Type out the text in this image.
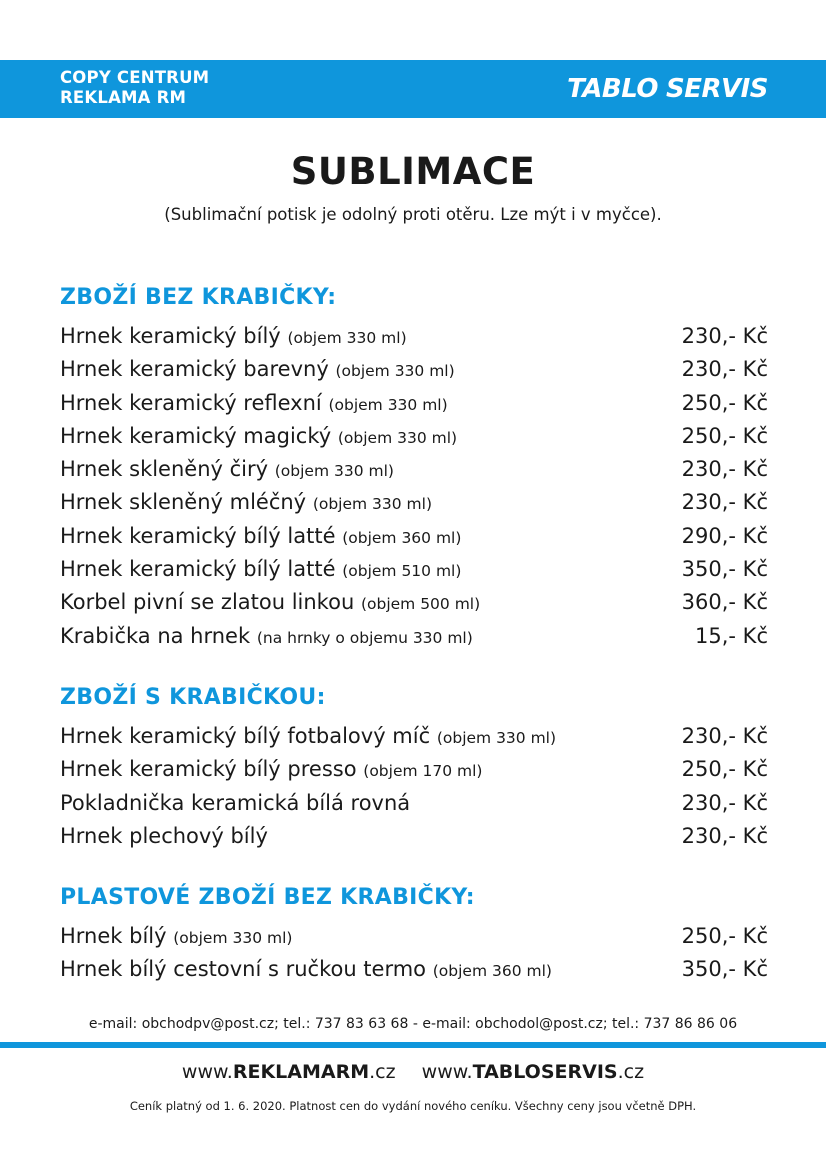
COPY CENTRUM
REKLAMA RM	TABLO SERVIS
SUBLIMACE
(Sublimační potisk je odolný proti otěru. Lze mýt i v myčce).
ZBOŽÍ BEZ KRABIČKY:
Hrnek keramický bílý (objem 330 ml)	230,- Kč
Hrnek keramický barevný (objem 330 ml)	230,- Kč
Hrnek keramický reflexní (objem 330 ml)	250,- Kč
Hrnek keramický magický (objem 330 ml)	250,- Kč
Hrnek skleněný čirý (objem 330 ml)	230,- Kč
Hrnek skleněný mléčný (objem 330 ml)	230,- Kč
Hrnek keramický bílý latté (objem 360 ml)	290,- Kč
Hrnek keramický bílý latté (objem 510 ml)	350,- Kč
Korbel pivní se zlatou linkou (objem 500 ml)	360,- Kč
Krabička na hrnek (na hrnky o objemu 330 ml)	15,- Kč
ZBOŽÍ S KRABIČKOU:
Hrnek keramický bílý fotbalový míč (objem 330 ml)	230,- Kč
Hrnek keramický bílý presso (objem 170 ml)	250,- Kč
Pokladnička keramická bílá rovná	230,- Kč
Hrnek plechový bílý	230,- Kč
PLASTOVÉ ZBOŽÍ BEZ KRABIČKY:
Hrnek bílý (objem 330 ml)	250,- Kč
Hrnek bílý cestovní s ručkou termo (objem 360 ml)	350,- Kč
e-mail: obchodpv@post.cz; tel.: 737 83 63 68 - e-mail: obchodol@post.cz; tel.: 737 86 86 06
www.REKLAMARM.cz www.TABLOSERVIS.cz
Ceník platný od 1. 6. 2020. Platnost cen do vydání nového ceníku. Všechny ceny jsou včetně DPH.
